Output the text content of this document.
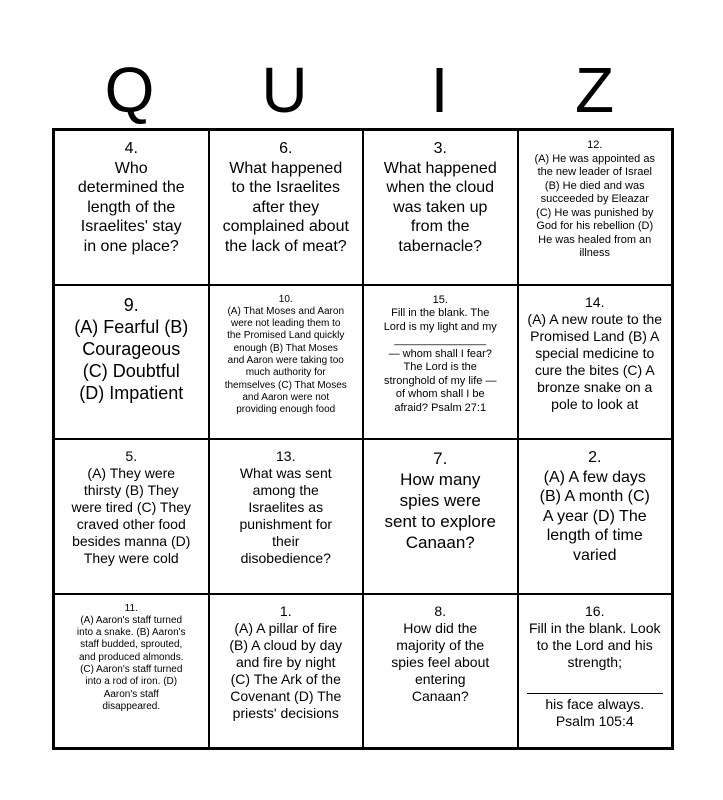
Q	U	I	Z
4.
Who
determined the
length of the
Israelites' stay
in one place?
6.
What happened
to the Israelites
after they
complained about
the lack of meat?
3.
What happened
when the cloud
was taken up
from the
tabernacle?
12.
(A) He was appointed as
the new leader of Israel
(B) He died and was
succeeded by Eleazar
(C) He was punished by
God for his rebellion (D)
He was healed from an
illness
9.
(A) Fearful (B)
Courageous
(C) Doubtful
(D) Impatient
10.
(A) That Moses and Aaron
were not leading them to
the Promised Land quickly
enough (B) That Moses
and Aaron were taking too
much authority for
themselves (C) That Moses
and Aaron were not
providing enough food
15.
Fill in the blank. The
Lord is my light and my
_______________
— whom shall I fear?
The Lord is the
stronghold of my life —
of whom shall I be
afraid? Psalm 27:1
14.
(A) A new route to the
Promised Land (B) A
special medicine to
cure the bites (C) A
bronze snake on a
pole to look at
5.
(A) They were
thirsty (B) They
were tired (C) They
craved other food
besides manna (D)
They were cold
13.
What was sent
among the
Israelites as
punishment for
their
disobedience?
7.
How many
spies were
sent to explore
Canaan?
2.
(A) A few days
(B) A month (C)
A year (D) The
length of time
varied
11.
(A) Aaron's staff turned
into a snake. (B) Aaron's
staff budded, sprouted,
and produced almonds.
(C) Aaron's staff turned
into a rod of iron. (D)
Aaron's staff
disappeared.
1.
(A) A pillar of fire
(B) A cloud by day
and fire by night
(C) The Ark of the
Covenant (D) The
priests' decisions
8.
How did the
majority of the
spies feel about
entering
Canaan?
16.
Fill in the blank. Look
to the Lord and his
strength;
his face always.
Psalm 105:4
